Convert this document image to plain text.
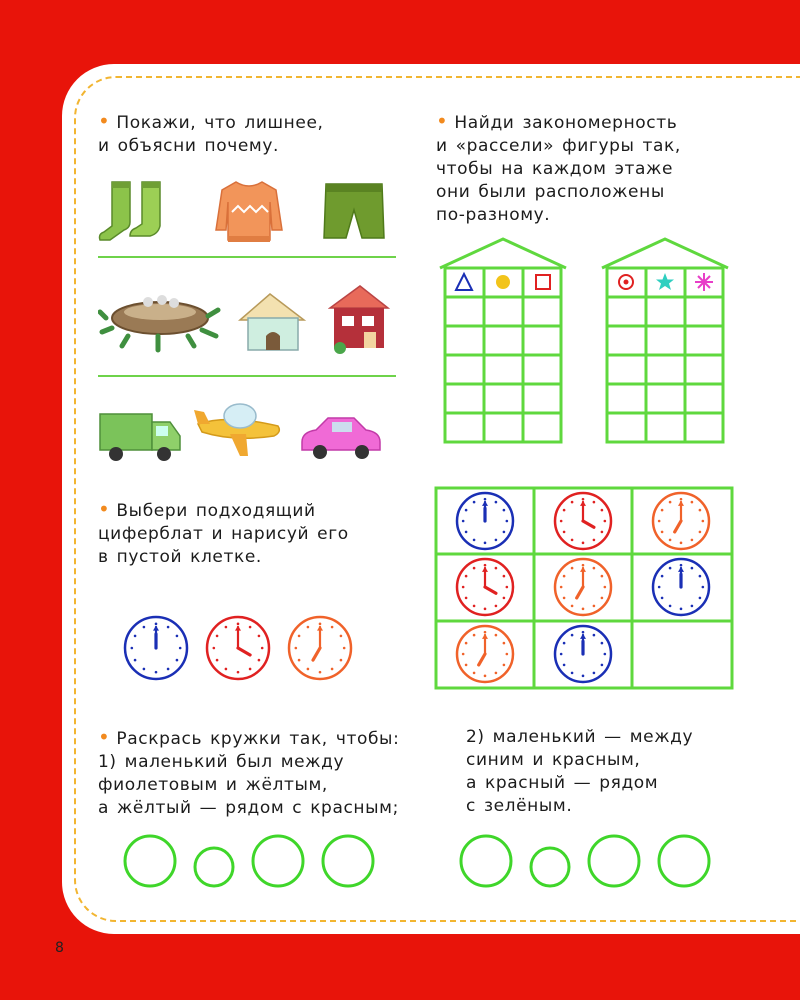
8
• Покажи, что лишнее,
и объясни почему.
• Найди закономерность
и «рассели» фигуры так,
чтобы на каждом этаже
они были расположены
по-разному.
• Выбери подходящий
циферблат и нарисуй его
в пустой клетке.
• Раскрась кружки так, чтобы:
1) маленький был между
фиолетовым и жёлтым,
а жёлтый — рядом с красным;
2) маленький — между
синим и красным,
а красный — рядом
с зелёным.
